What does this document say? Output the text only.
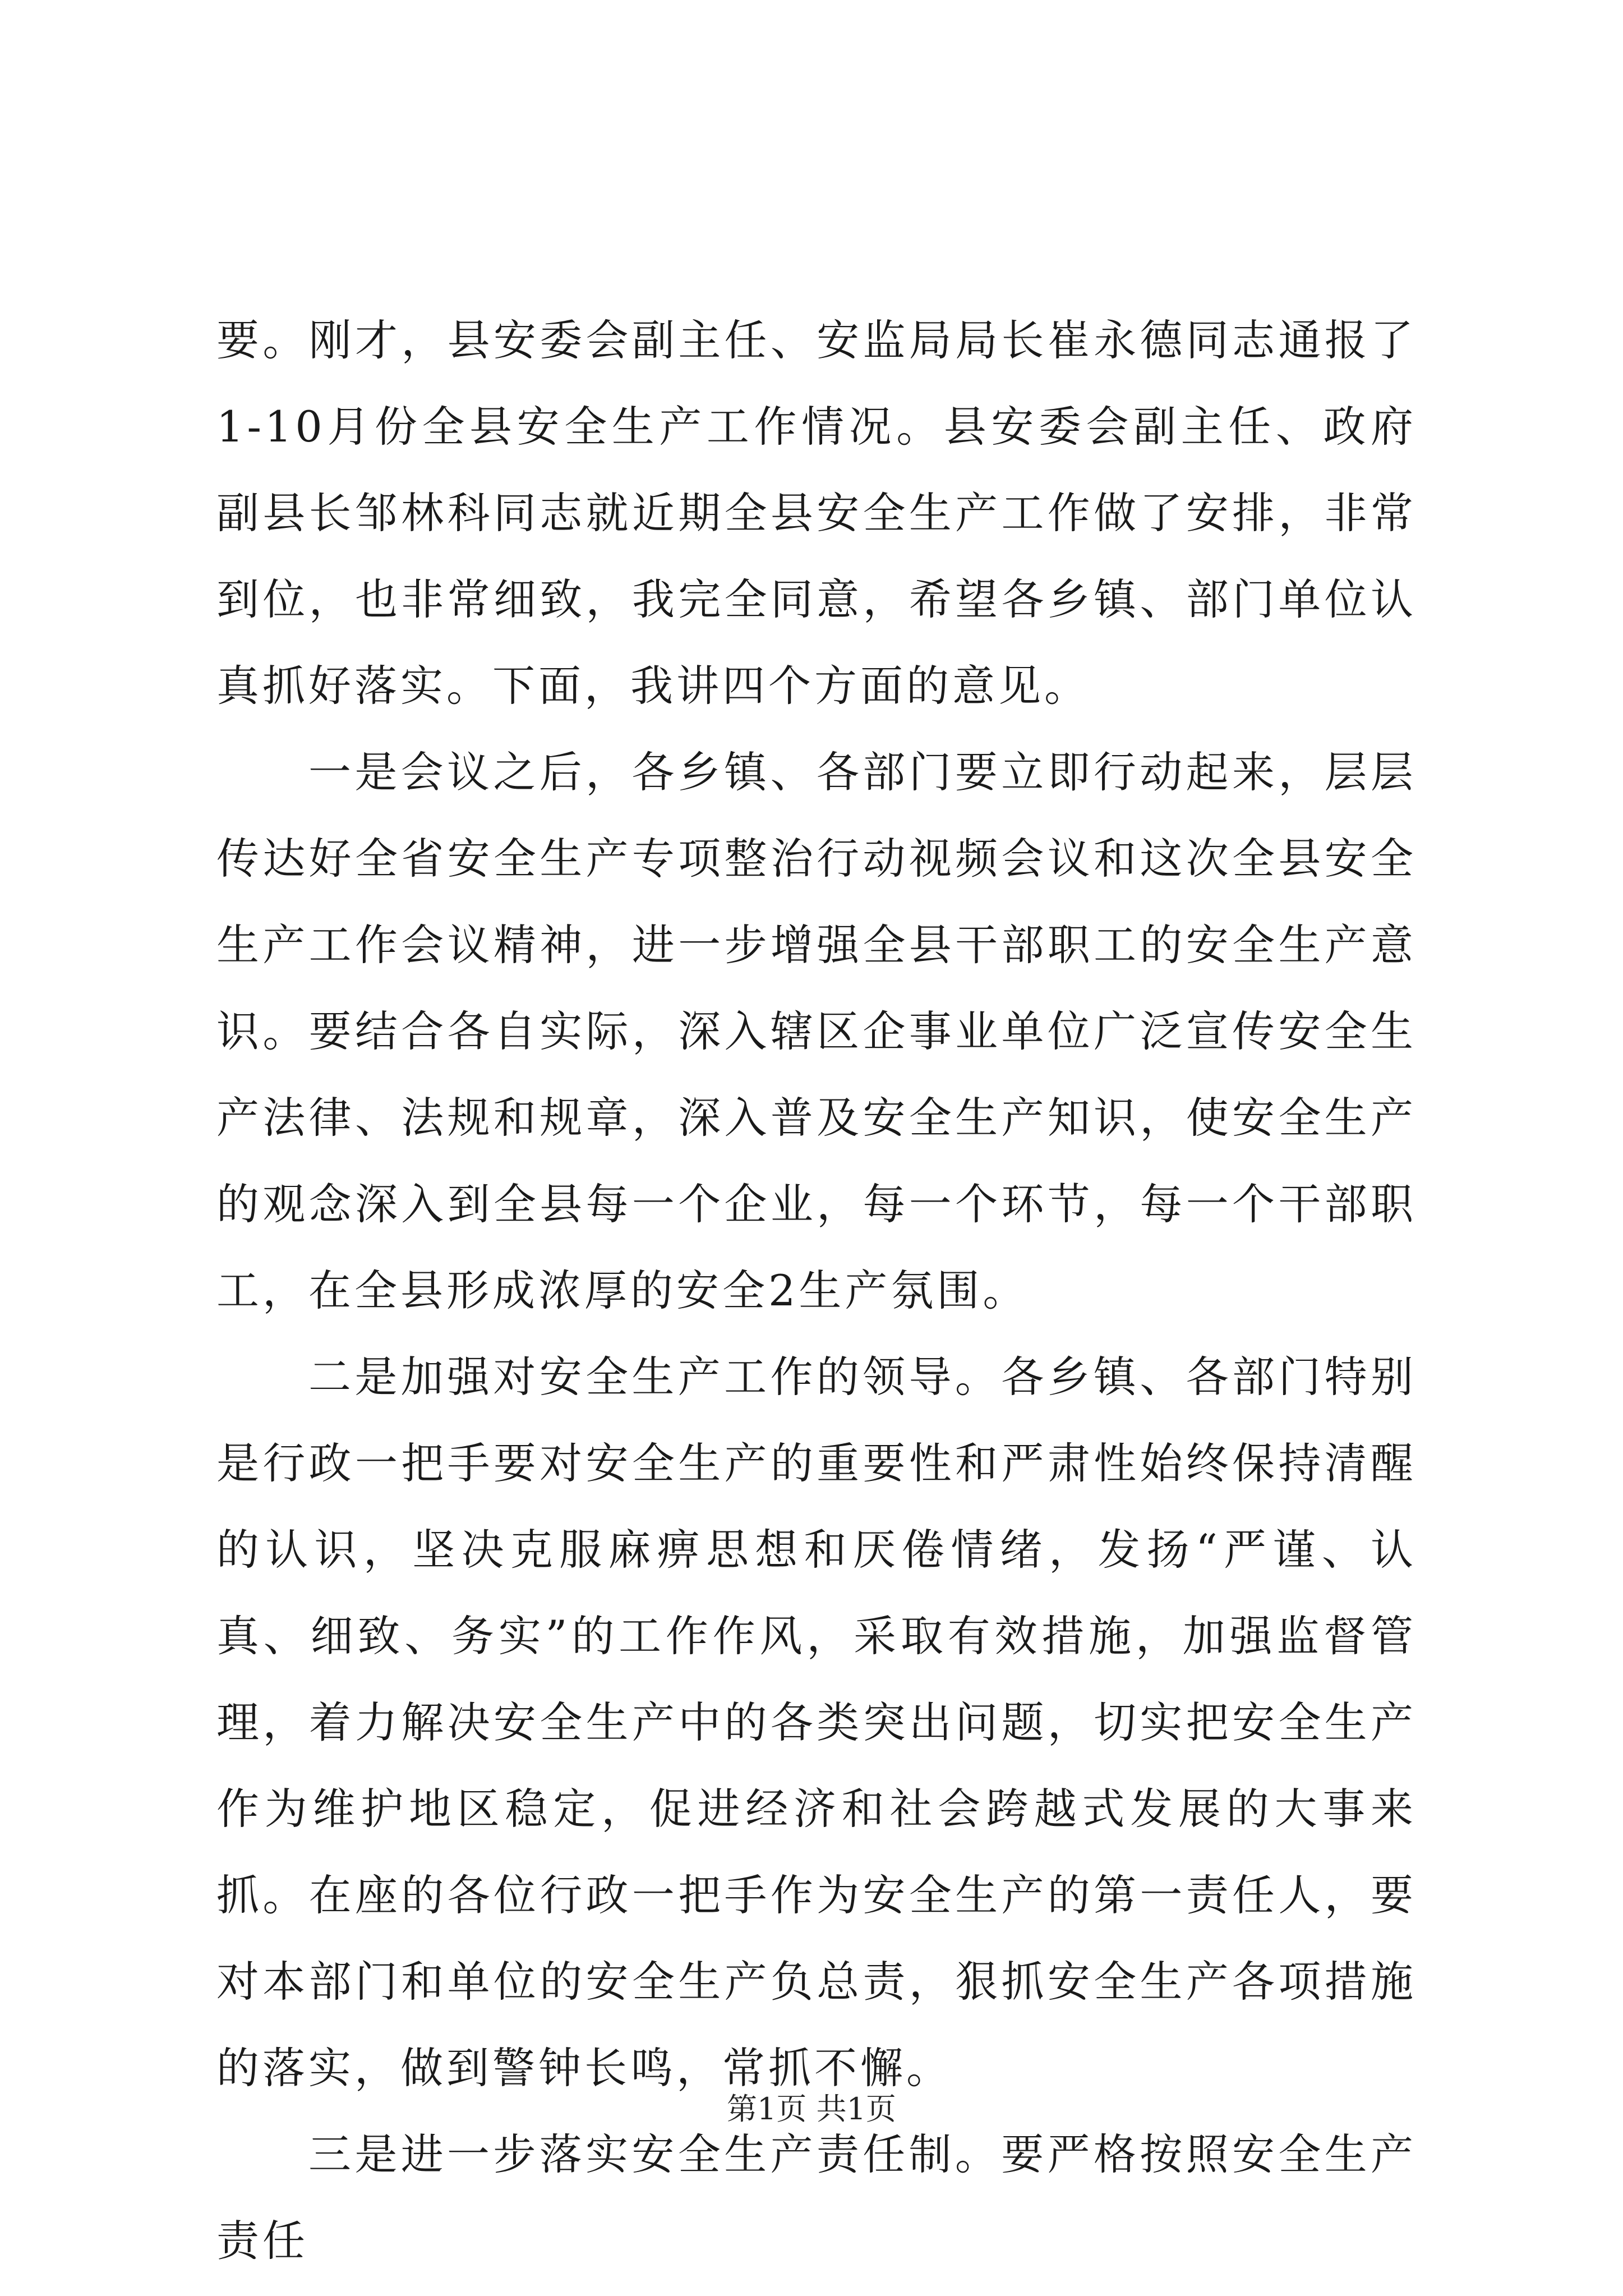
要。刚才，县安委会副主任、安监局局长崔永德同志通报了1-10月份全县安全生产工作情况。县安委会副主任、政府副县长邹林科同志就近期全县安全生产工作做了安排，非常到位，也非常细致，我完全同意，希望各乡镇、部门单位认真抓好落实。下面，我讲四个方面的意见。

一是会议之后，各乡镇、各部门要立即行动起来，层层传达好全省安全生产专项整治行动视频会议和这次全县安全生产工作会议精神，进一步增强全县干部职工的安全生产意识。要结合各自实际，深入辖区企事业单位广泛宣传安全生产法律、法规和规章，深入普及安全生产知识，使安全生产的观念深入到全县每一个企业，每一个环节，每一个干部职工，在全县形成浓厚的安全2生产氛围。

二是加强对安全生产工作的领导。各乡镇、各部门特别是行政一把手要对安全生产的重要性和严肃性始终保持清醒的认识，坚决克服麻痹思想和厌倦情绪，发扬“严谨、认真、细致、务实”的工作作风，采取有效措施，加强监督管理，着力解决安全生产中的各类突出问题，切实把安全生产作为维护地区稳定，促进经济和社会跨越式发展的大事来抓。在座的各位行政一把手作为安全生产的第一责任人，要对本部门和单位的安全生产负总责，狠抓安全生产各项措施的落实，做到警钟长鸣，常抓不懈。

三是进一步落实安全生产责任制。要严格按照安全生产责任

第1页 共1页
